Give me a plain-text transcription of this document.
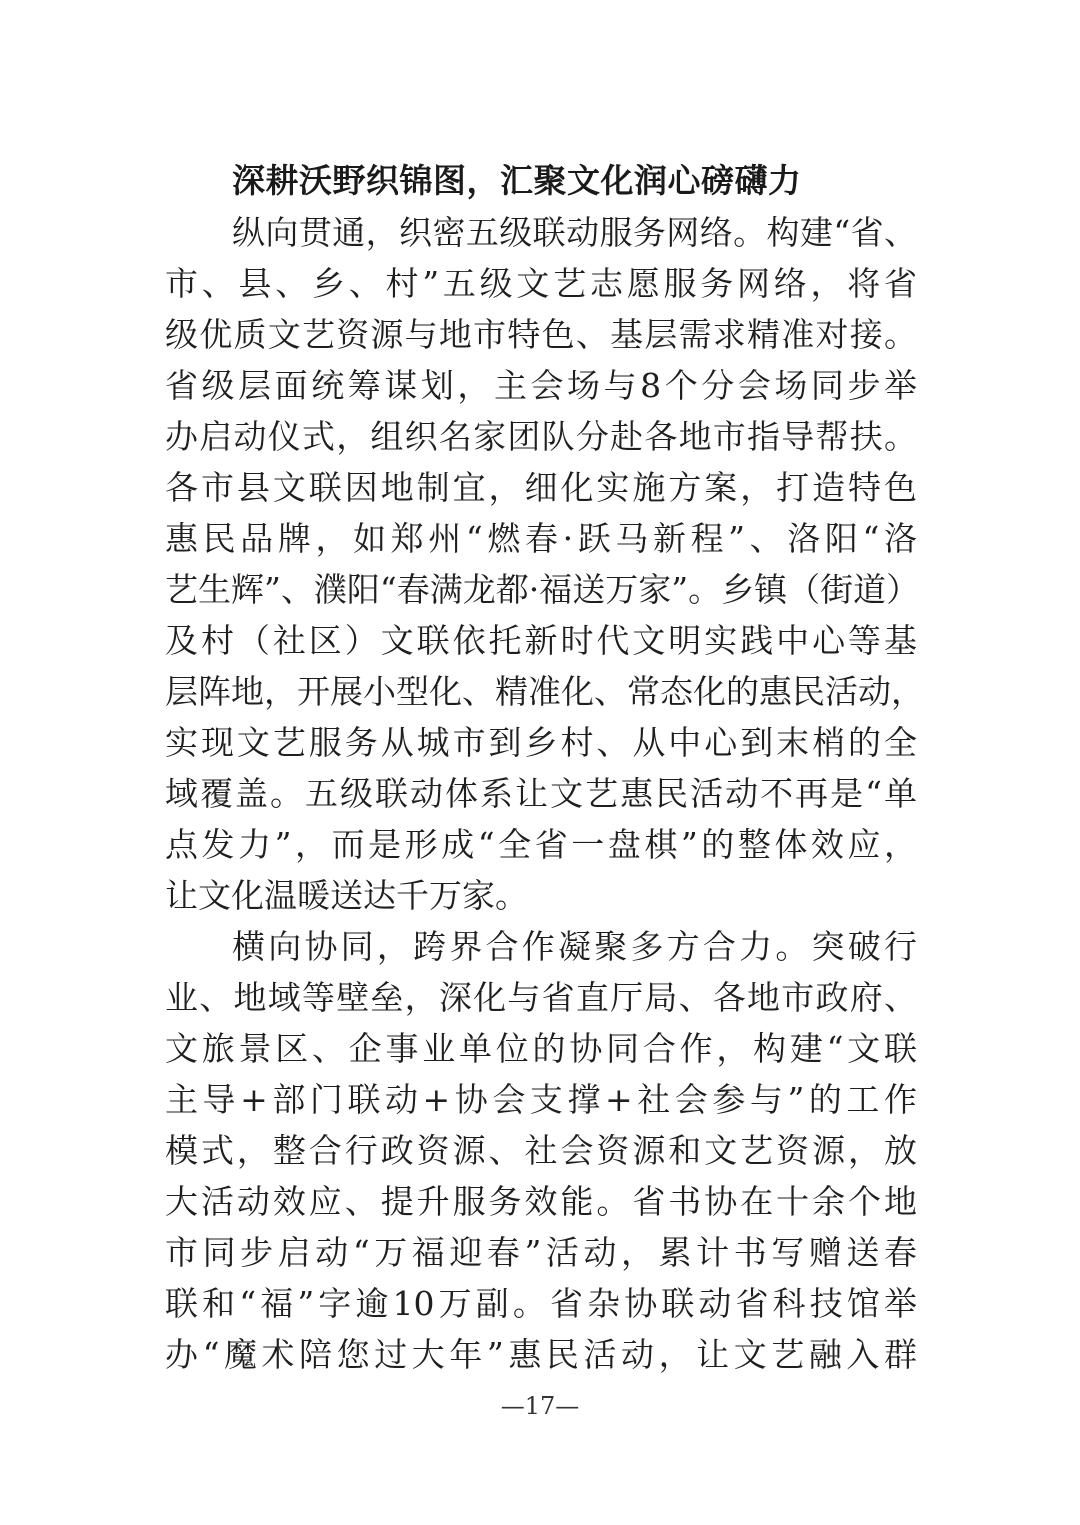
深耕沃野织锦图，汇聚文化润心磅礴力
纵向贯通，织密五级联动服务网络。构建“省、
市、县、乡、村”五级文艺志愿服务网络，将省
级优质文艺资源与地市特色、基层需求精准对接。
省级层面统筹谋划，主会场与8个分会场同步举
办启动仪式，组织名家团队分赴各地市指导帮扶。
各市县文联因地制宜，细化实施方案，打造特色
惠民品牌，如郑州“燃春·跃马新程”、洛阳“洛
艺生辉”、濮阳“春满龙都·福送万家”。乡镇（街道）
及村（社区）文联依托新时代文明实践中心等基
层阵地，开展小型化、精准化、常态化的惠民活动，
实现文艺服务从城市到乡村、从中心到末梢的全
域覆盖。五级联动体系让文艺惠民活动不再是“单
点发力”，而是形成“全省一盘棋”的整体效应，
让文化温暖送达千万家。
横向协同，跨界合作凝聚多方合力。突破行
业、地域等壁垒，深化与省直厅局、各地市政府、
文旅景区、企事业单位的协同合作，构建“文联
主导+部门联动+协会支撑+社会参与”的工作
模式，整合行政资源、社会资源和文艺资源，放
大活动效应、提升服务效能。省书协在十余个地
市同步启动“万福迎春”活动，累计书写赠送春
联和“福”字逾10万副。省杂协联动省科技馆举
办“魔术陪您过大年”惠民活动，让文艺融入群
—17—
